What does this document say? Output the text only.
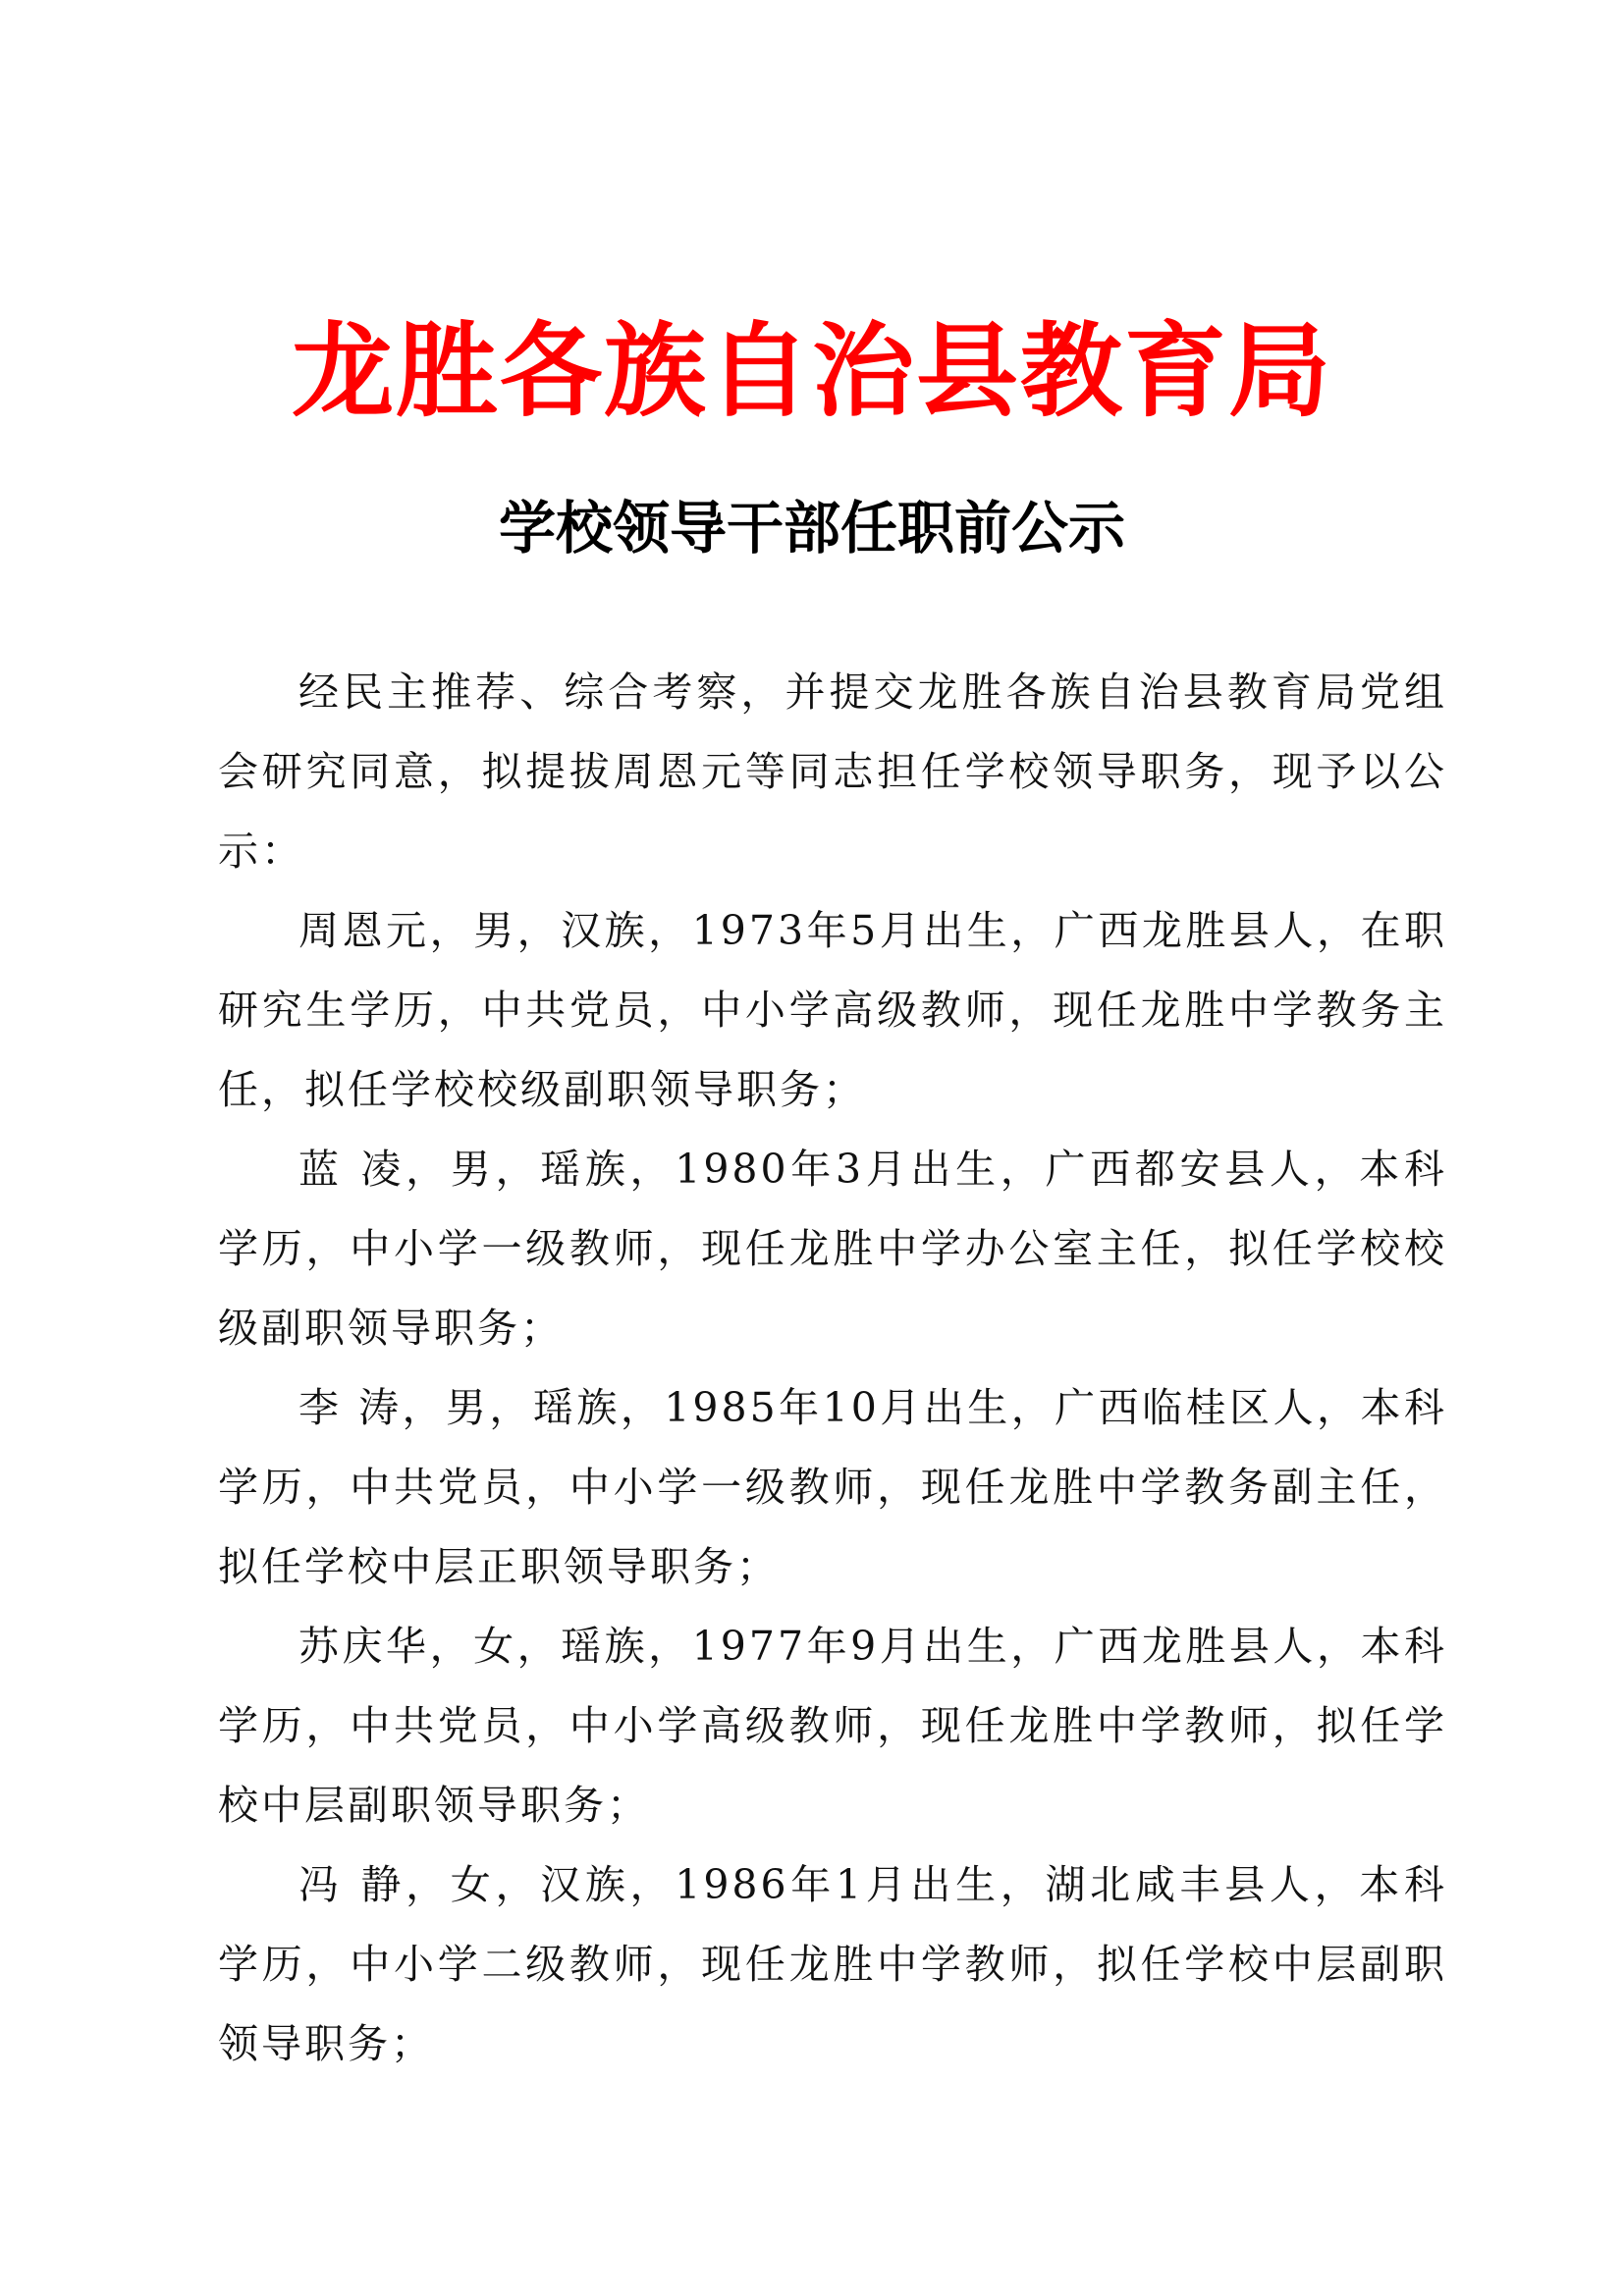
龙胜各族自治县教育局
学校领导干部任职前公示

经民主推荐、综合考察，并提交龙胜各族自治县教育局党组会研究同意，拟提拔周恩元等同志担任学校领导职务，现予以公示：

周恩元，男，汉族，1973年5月出生，广西龙胜县人，在职研究生学历，中共党员，中小学高级教师，现任龙胜中学教务主任，拟任学校校级副职领导职务；

蓝 凌，男，瑶族，1980年3月出生，广西都安县人，本科学历，中小学一级教师，现任龙胜中学办公室主任，拟任学校校级副职领导职务；

李 涛，男，瑶族，1985年10月出生，广西临桂区人，本科学历，中共党员，中小学一级教师，现任龙胜中学教务副主任，拟任学校中层正职领导职务；

苏庆华，女，瑶族，1977年9月出生，广西龙胜县人，本科学历，中共党员，中小学高级教师，现任龙胜中学教师，拟任学校中层副职领导职务；

冯 静，女，汉族，1986年1月出生，湖北咸丰县人，本科学历，中小学二级教师，现任龙胜中学教师，拟任学校中层副职领导职务；
